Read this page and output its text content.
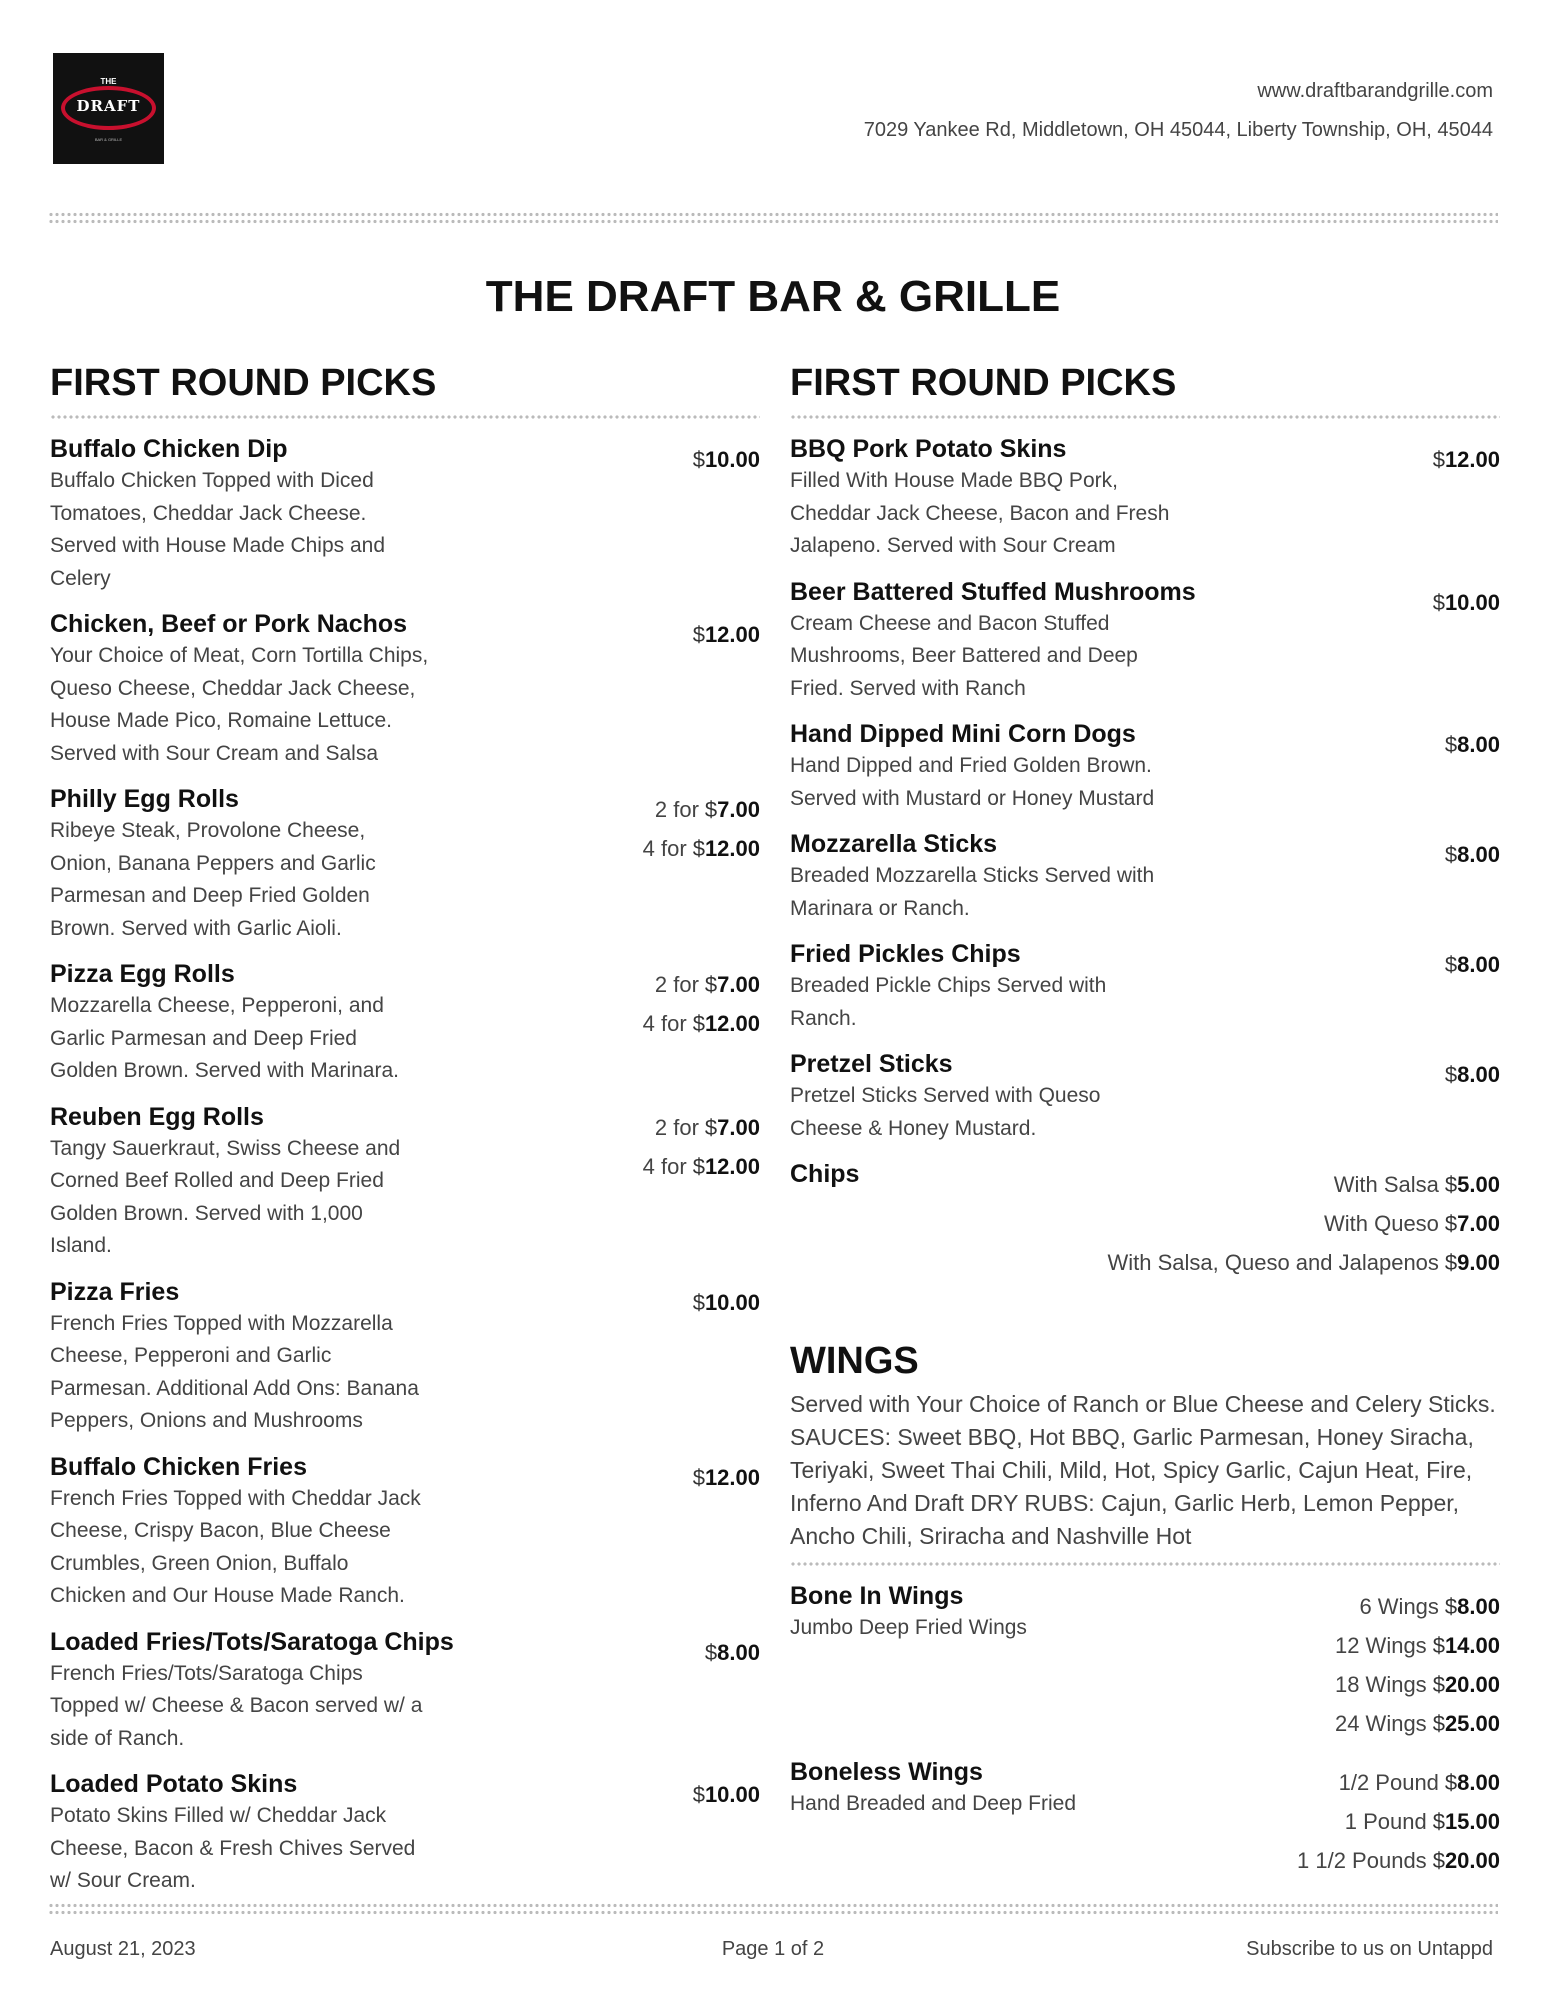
THE
DRAFT
BAR & GRILLE
www.draftbarandgrille.com
7029 Yankee Rd, Middletown, OH 45044, Liberty Township, OH, 45044
THE DRAFT BAR & GRILLE
FIRST ROUND PICKS
Buffalo Chicken Dip
Buffalo Chicken Topped with Diced Tomatoes, Cheddar Jack Cheese. Served with House Made Chips and Celery
$10.00
Chicken, Beef or Pork Nachos
Your Choice of Meat, Corn Tortilla Chips, Queso Cheese, Cheddar Jack Cheese, House Made Pico, Romaine Lettuce. Served with Sour Cream and Salsa
$12.00
Philly Egg Rolls
Ribeye Steak, Provolone Cheese, Onion, Banana Peppers and Garlic Parmesan and Deep Fried Golden Brown. Served with Garlic Aioli.
2 for $7.00
4 for $12.00
Pizza Egg Rolls
Mozzarella Cheese, Pepperoni, and Garlic Parmesan and Deep Fried Golden Brown. Served with Marinara.
2 for $7.00
4 for $12.00
Reuben Egg Rolls
Tangy Sauerkraut, Swiss Cheese and Corned Beef Rolled and Deep Fried Golden Brown. Served with 1,000 Island.
2 for $7.00
4 for $12.00
Pizza Fries
French Fries Topped with Mozzarella Cheese, Pepperoni and Garlic Parmesan. Additional Add Ons: Banana Peppers, Onions and Mushrooms
$10.00
Buffalo Chicken Fries
French Fries Topped with Cheddar Jack Cheese, Crispy Bacon, Blue Cheese Crumbles, Green Onion, Buffalo Chicken and Our House Made Ranch.
$12.00
Loaded Fries/Tots/Saratoga Chips
French Fries/Tots/Saratoga Chips Topped w/ Cheese & Bacon served w/ a side of Ranch.
$8.00
Loaded Potato Skins
Potato Skins Filled w/ Cheddar Jack Cheese, Bacon & Fresh Chives Served w/ Sour Cream.
$10.00
FIRST ROUND PICKS
BBQ Pork Potato Skins
Filled With House Made BBQ Pork, Cheddar Jack Cheese, Bacon and Fresh Jalapeno. Served with Sour Cream
$12.00
Beer Battered Stuffed Mushrooms
Cream Cheese and Bacon Stuffed Mushrooms, Beer Battered and Deep Fried. Served with Ranch
$10.00
Hand Dipped Mini Corn Dogs
Hand Dipped and Fried Golden Brown. Served with Mustard or Honey Mustard
$8.00
Mozzarella Sticks
Breaded Mozzarella Sticks Served with Marinara or Ranch.
$8.00
Fried Pickles Chips
Breaded Pickle Chips Served with Ranch.
$8.00
Pretzel Sticks
Pretzel Sticks Served with Queso Cheese & Honey Mustard.
$8.00
Chips	With Salsa $5.00
With Queso $7.00
With Salsa, Queso and Jalapenos $9.00
WINGS
Served with Your Choice of Ranch or Blue Cheese and Celery Sticks. SAUCES: Sweet BBQ, Hot BBQ, Garlic Parmesan, Honey Siracha, Teriyaki, Sweet Thai Chili, Mild, Hot, Spicy Garlic, Cajun Heat, Fire, Inferno And Draft DRY RUBS: Cajun, Garlic Herb, Lemon Pepper, Ancho Chili, Sriracha and Nashville Hot
Bone In Wings
Jumbo Deep Fried Wings
6 Wings $8.00
12 Wings $14.00
18 Wings $20.00
24 Wings $25.00
Boneless Wings
Hand Breaded and Deep Fried
1/2 Pound $8.00
1 Pound $15.00
1 1/2 Pounds $20.00
August 21, 2023	Page 1 of 2	Subscribe to us on Untappd
